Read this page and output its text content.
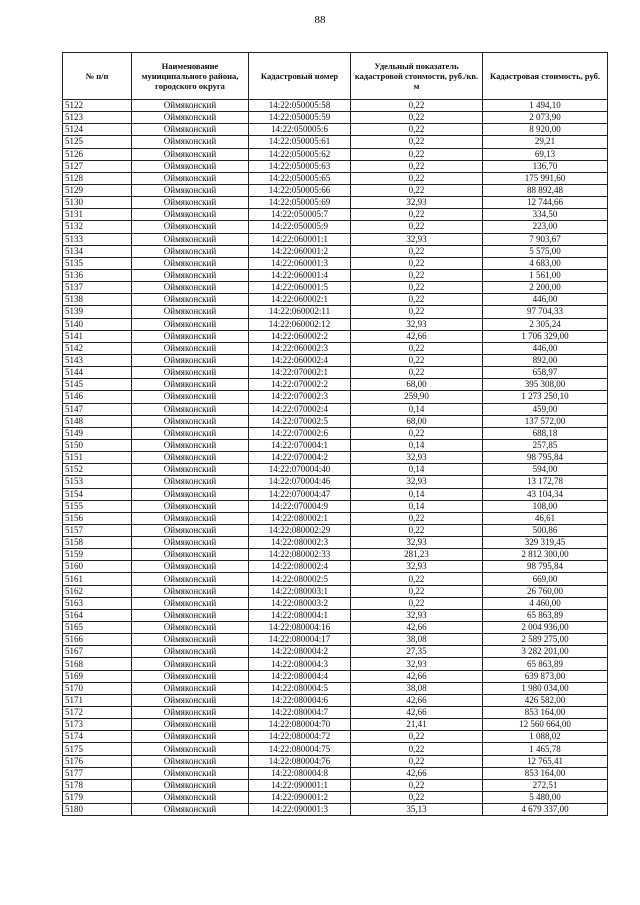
88
№ п/п	Наименование муниципального района, городского округа	Кадастровый номер	Удельный показатель кадастровой стоимости, руб./кв. м	Кадастровая стоимость, руб.
5122	Оймяконский	14:22:050005:58	0,22	1 494,10
5123	Оймяконский	14:22:050005:59	0,22	2 073,90
5124	Оймяконский	14:22:050005:6	0,22	8 920,00
5125	Оймяконский	14:22:050005:61	0,22	29,21
5126	Оймяконский	14:22:050005:62	0,22	69,13
5127	Оймяконский	14:22:050005:63	0,22	136,70
5128	Оймяконский	14:22:050005:65	0,22	175 991,60
5129	Оймяконский	14:22:050005:66	0,22	88 892,48
5130	Оймяконский	14:22:050005:69	32,93	12 744,66
5131	Оймяконский	14:22:050005:7	0,22	334,50
5132	Оймяконский	14:22:050005:9	0,22	223,00
5133	Оймяконский	14:22:060001:1	32,93	7 903,67
5134	Оймяконский	14:22:060001:2	0,22	5 575,00
5135	Оймяконский	14:22:060001:3	0,22	4 683,00
5136	Оймяконский	14:22:060001:4	0,22	1 561,00
5137	Оймяконский	14:22:060001:5	0,22	2 200,00
5138	Оймяконский	14:22:060002:1	0,22	446,00
5139	Оймяконский	14:22:060002:11	0,22	97 704,33
5140	Оймяконский	14:22:060002:12	32,93	2 305,24
5141	Оймяконский	14:22:060002:2	42,66	1 706 329,00
5142	Оймяконский	14:22:060002:3	0,22	446,00
5143	Оймяконский	14:22:060002:4	0,22	892,00
5144	Оймяконский	14:22:070002:1	0,22	658,97
5145	Оймяконский	14:22:070002:2	68,00	395 308,00
5146	Оймяконский	14:22:070002:3	259,90	1 273 250,10
5147	Оймяконский	14:22:070002:4	0,14	459,00
5148	Оймяконский	14:22:070002:5	68,00	137 572,00
5149	Оймяконский	14:22:070002:6	0,22	688,18
5150	Оймяконский	14:22:070004:1	0,14	257,85
5151	Оймяконский	14:22:070004:2	32,93	98 795,84
5152	Оймяконский	14:22:070004:40	0,14	594,00
5153	Оймяконский	14:22:070004:46	32,93	13 172,78
5154	Оймяконский	14:22:070004:47	0,14	43 104,34
5155	Оймяконский	14:22:070004:9	0,14	108,00
5156	Оймяконский	14:22:080002:1	0,22	46,61
5157	Оймяконский	14:22:080002:29	0,22	500,86
5158	Оймяконский	14:22:080002:3	32,93	329 319,45
5159	Оймяконский	14:22:080002:33	281,23	2 812 300,00
5160	Оймяконский	14:22:080002:4	32,93	98 795,84
5161	Оймяконский	14:22:080002:5	0,22	669,00
5162	Оймяконский	14:22:080003:1	0,22	26 760,00
5163	Оймяконский	14:22:080003:2	0,22	4 460,00
5164	Оймяконский	14:22:080004:1	32,93	65 863,89
5165	Оймяконский	14:22:080004:16	42,66	2 004 936,00
5166	Оймяконский	14:22:080004:17	38,08	2 589 275,00
5167	Оймяконский	14:22:080004:2	27,35	3 282 201,00
5168	Оймяконский	14:22:080004:3	32,93	65 863,89
5169	Оймяконский	14:22:080004:4	42,66	639 873,00
5170	Оймяконский	14:22:080004:5	38,08	1 980 034,00
5171	Оймяконский	14:22:080004:6	42,66	426 582,00
5172	Оймяконский	14:22:080004:7	42,66	853 164,00
5173	Оймяконский	14:22:080004:70	21,41	12 560 664,00
5174	Оймяконский	14:22:080004:72	0,22	1 088,02
5175	Оймяконский	14:22:080004:75	0,22	1 465,78
5176	Оймяконский	14:22:080004:76	0,22	12 765,41
5177	Оймяконский	14:22:080004:8	42,66	853 164,00
5178	Оймяконский	14:22:090001:1	0,22	272,51
5179	Оймяконский	14:22:090001:2	0,22	5 480,00
5180	Оймяконский	14:22:090001:3	35,13	4 679 337,00
